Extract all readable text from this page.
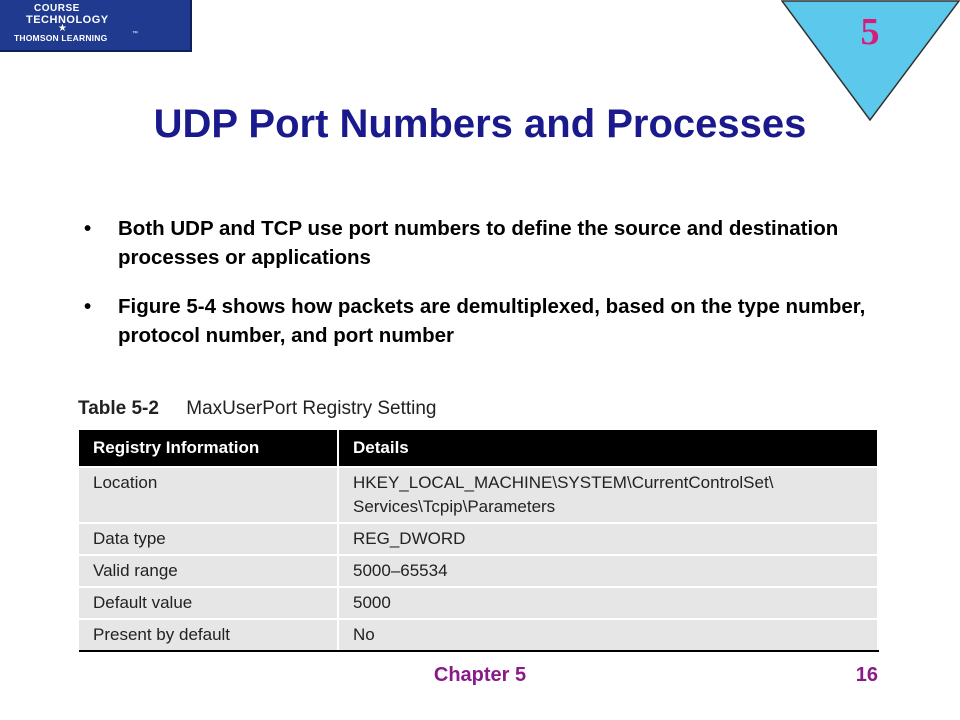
COURSE
TECHNOLOGY
★
THOMSON LEARNING	™	5
UDP Port Numbers and Processes
• Both UDP and TCP use port numbers to define the source and destination processes or applications
• Figure 5-4 shows how packets are demultiplexed, based on the type number, protocol number, and port number
Table 5-2 MaxUserPort Registry Setting
Registry Information	Details
Location	HKEY_LOCAL_MACHINE\SYSTEM\CurrentControlSet\
Services\Tcpip\Parameters

Data type	REG_DWORD
Valid range	5000–65534
Default value	5000
Present by default	No
Chapter 5	16
